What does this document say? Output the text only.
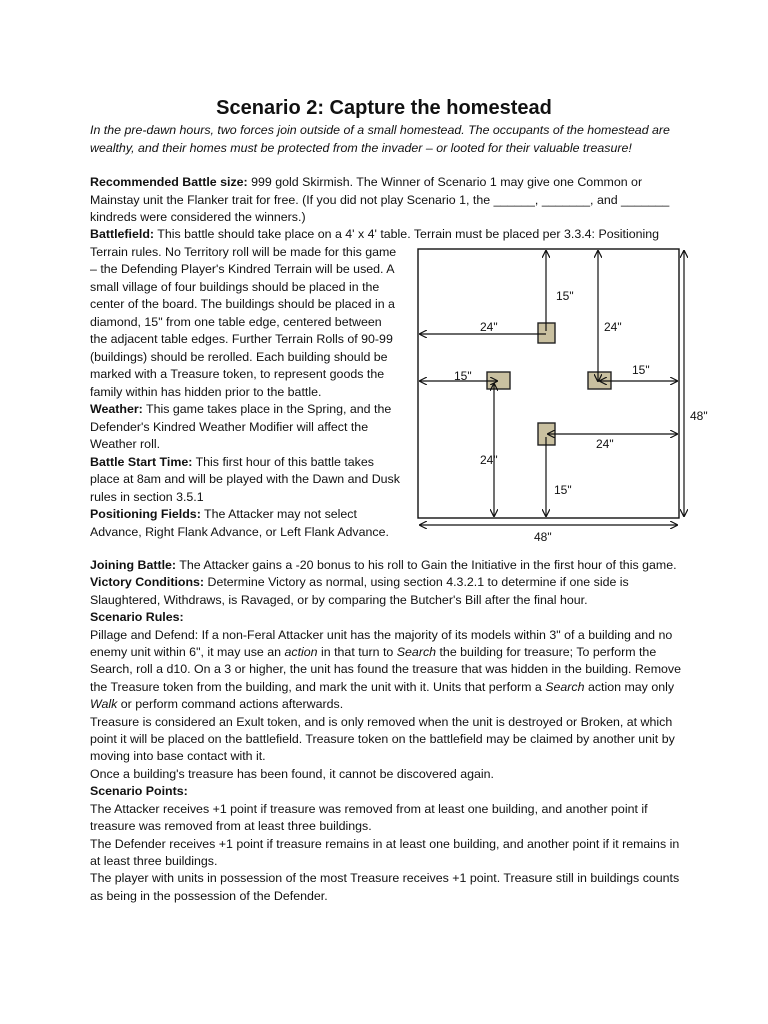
Scenario 2: Capture the homestead

In the pre-dawn hours, two forces join outside of a small homestead. The occupants of the homestead are wealthy, and their homes must be protected from the invader – or looted for their valuable treasure!

Recommended Battle size: 999 gold Skirmish. The Winner of Scenario 1 may give one Common or Mainstay unit the Flanker trait for free. (If you did not play Scenario 1, the ______, _______, and _______ kindreds were considered the winners.)

Battlefield: This battle should take place on a 4' x 4' table. Terrain must be placed per 3.3.4: Positioning

Terrain rules. No Territory roll will be made for this game – the Defending Player's Kindred Terrain will be used. A small village of four buildings should be placed in the center of the board. The buildings should be placed in a diamond, 15" from one table edge, centered between the adjacent table edges. Further Terrain Rolls of 90-99 (buildings) should be rerolled. Each building should be marked with a Treasure token, to represent goods the family within has hidden prior to the battle.

Weather: This game takes place in the Spring, and the Defender's Kindred Weather Modifier will affect the Weather roll.

Battle Start Time: This first hour of this battle takes place at 8am and will be played with the Dawn and Dusk rules in section 3.5.1

Positioning Fields: The Attacker may not select Advance, Right Flank Advance, or Left Flank Advance.

Joining Battle: The Attacker gains a -20 bonus to his roll to Gain the Initiative in the first hour of this game.

Victory Conditions: Determine Victory as normal, using section 4.3.2.1 to determine if one side is Slaughtered, Withdraws, is Ravaged, or by comparing the Butcher's Bill after the final hour.

Scenario Rules:

Pillage and Defend: If a non-Feral Attacker unit has the majority of its models within 3" of a building and no enemy unit within 6", it may use an action in that turn to Search the building for treasure; To perform the Search, roll a d10. On a 3 or higher, the unit has found the treasure that was hidden in the building. Remove the Treasure token from the building, and mark the unit with it. Units that perform a Search action may only Walk or perform command actions afterwards.

Treasure is considered an Exult token, and is only removed when the unit is destroyed or Broken, at which point it will be placed on the battlefield. Treasure token on the battlefield may be claimed by another unit by moving into base contact with it.

Once a building's treasure has been found, it cannot be discovered again.

Scenario Points:

The Attacker receives +1 point if treasure was removed from at least one building, and another point if treasure was removed from at least three buildings.

The Defender receives +1 point if treasure remains in at least one building, and another point if it remains in at least three buildings.

The player with units in possession of the most Treasure receives +1 point. Treasure still in buildings counts as being in the possession of the Defender.

15"
24"	24"
15"	15"
24"
24"
15"
48"
48"
